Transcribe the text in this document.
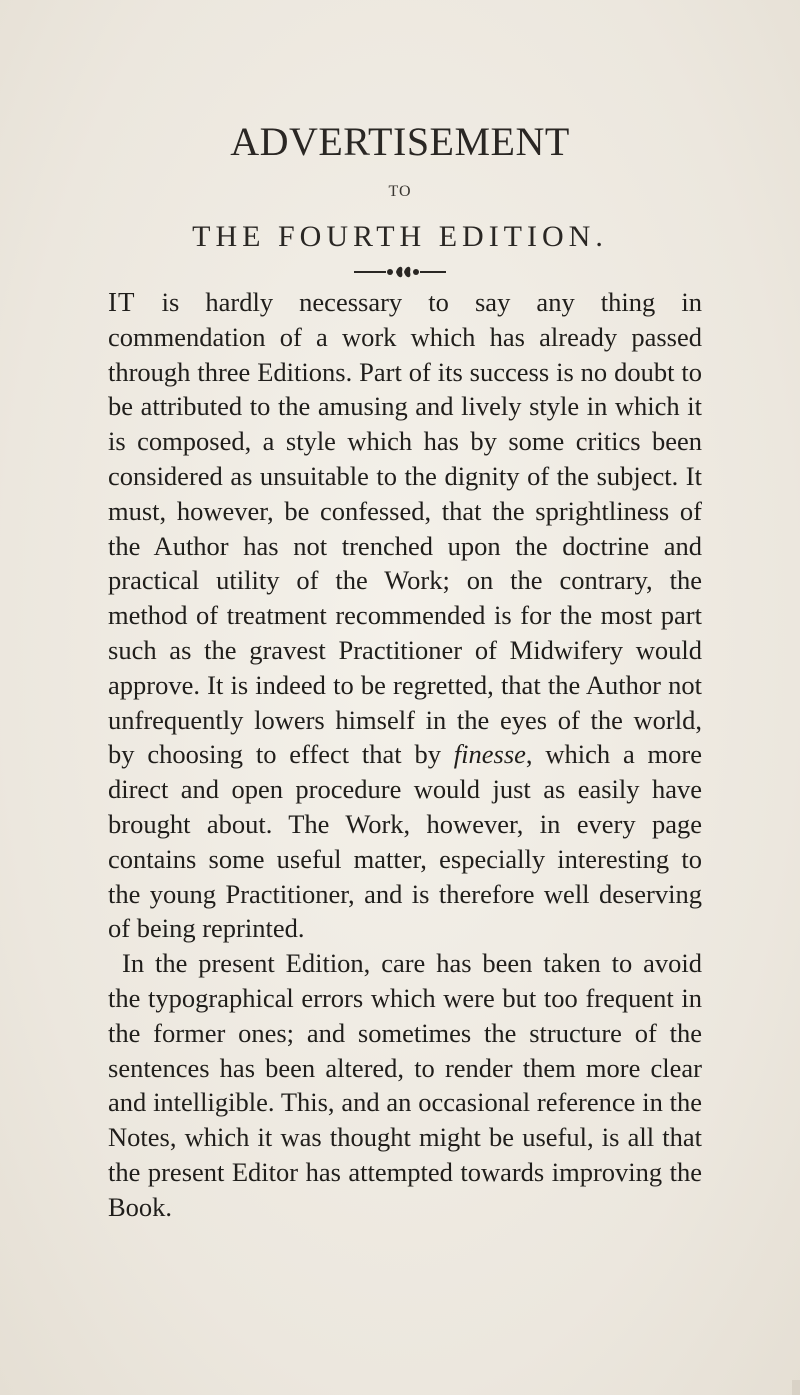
ADVERTISEMENT
TO
THE FOURTH EDITION.

IT is hardly necessary to say any thing in commendation of a work which has already passed through three Editions. Part of its success is no doubt to be attributed to the amusing and lively style in which it is composed, a style which has by some critics been considered as unsuitable to the dignity of the subject. It must, however, be confessed, that the sprightliness of the Author has not trenched upon the doctrine and practical utility of the Work; on the contrary, the method of treatment recommended is for the most part such as the gravest Practitioner of Midwifery would approve. It is indeed to be regretted, that the Author not unfrequently lowers himself in the eyes of the world, by choosing to effect that by finesse, which a more direct and open procedure would just as easily have brought about. The Work, however, in every page contains some useful matter, especially interesting to the young Practitioner, and is therefore well deserving of being reprinted.

In the present Edition, care has been taken to avoid the typographical errors which were but too frequent in the former ones; and sometimes the structure of the sentences has been altered, to render them more clear and intelligible. This, and an occasional reference in the Notes, which it was thought might be useful, is all that the present Editor has attempted towards improving the Book.
